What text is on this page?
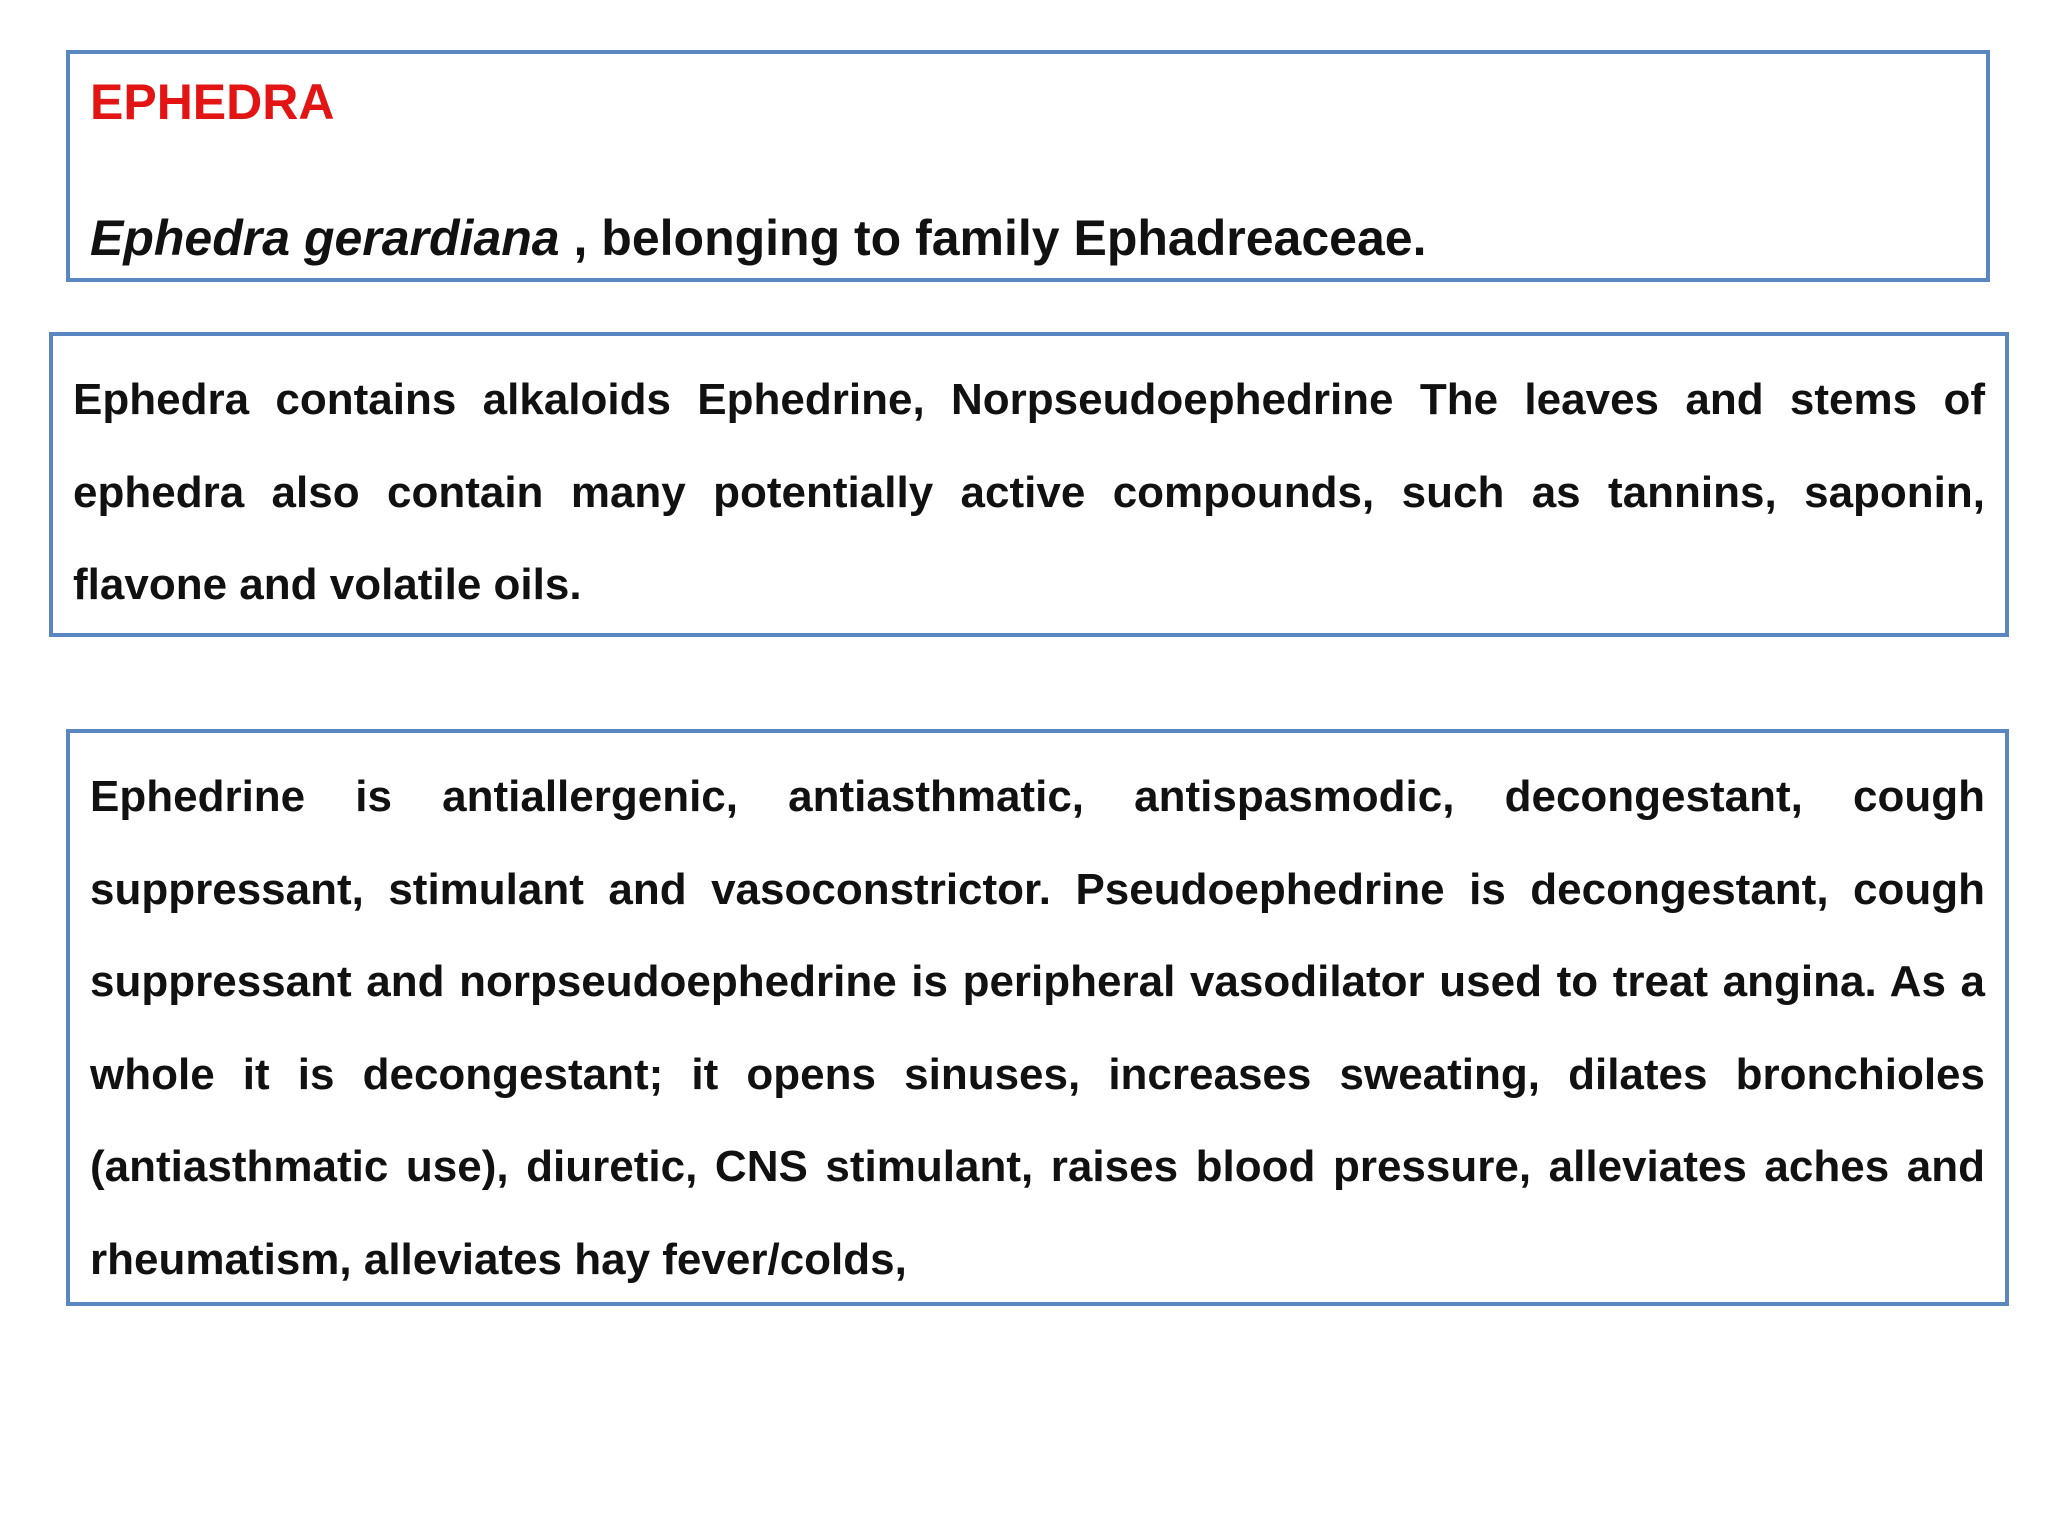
EPHEDRA
Ephedra gerardiana , belonging to family Ephadreaceae.

Ephedra contains alkaloids Ephedrine, Norpseudoephedrine The leaves and stems of ephedra also contain many potentially active compounds, such as tannins, saponin, flavone and volatile oils.

Ephedrine is antiallergenic, antiasthmatic, antispasmodic, decongestant, cough suppressant, stimulant and vasoconstrictor. Pseudoephedrine is decongestant, cough suppressant and norpseudoephedrine is peripheral vasodilator used to treat angina. As a whole it is decongestant; it opens sinuses, increases sweating, dilates bronchioles (antiasthmatic use), diuretic, CNS stimulant, raises blood pressure, alleviates aches and rheumatism, alleviates hay fever/colds,
